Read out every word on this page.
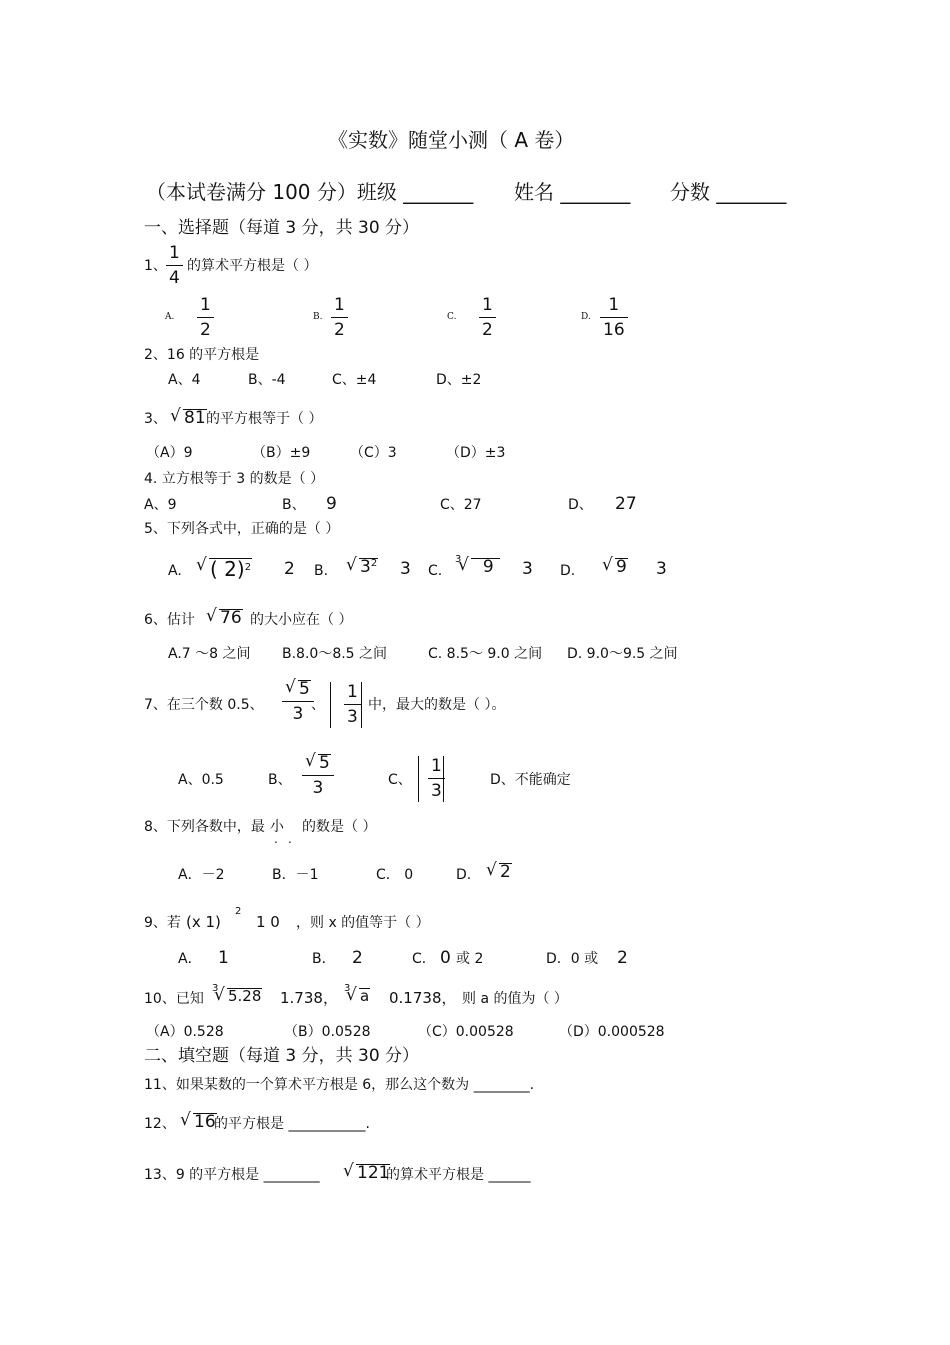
《实数》随堂小测（ A 卷）
（本试卷满分 100 分）班级 _______ 姓名 _______ 分数 _______
一、选择题（每道 3 分，共 30 分）
1、 $\frac{1}{4}$ 的算术平方根是（ ）
A. $\frac{1}{2}$	B. $\frac{1}{2}$	C. $\frac{1}{2}$	D. $\frac{1}{16}$
2、16 的平方根是
A、4	B、-4	C、±4	D、±2
3、	√ 81 的平方根等于（ ）
（A）9	（B）±9	（C）3	（D）±3
4. 立方根等于 3 的数是（ ）
A、9	B、 9	C、27	D、 27
5、下列各式中，正确的是（ ）
A.	√ ( 2)$^2$ 2 B.	√ $3^2$ 3 C.
3	√   9	3 D.	√ 9 3
6、估计	√ 76 的大小应在（ ）
A.7 ～8 之间 B.8.0～8.5 之间	C. 8.5～ 9.0 之间 D. 9.0～9.5 之间
7、在三个数 0.5、 √ $\frac{5}{3}$
、 $\frac{1}{3}$ 中，最大的数是（ ）。
A、0.5	B、 √ $\frac{5}{3}$	C、 $\frac{1}{3}$	D、不能确定
8、下列各数中，最 小
. .
的数是（ ）
A．－2	B．－1	C． 0	D.	√ 2
9、若 (x 1)
2
1 0 ，则 x 的值等于（ ）
A． 1	B． 2	C． 0 或 2	D．0 或 2
10、已知
3 √ 5.28 1.738，
3 √ a 0.1738， 则 a 的值为（ ）
（A）0.528	（B）0.0528	（C）0.00528	（D）0.000528
二、填空题（每道 3 分，共 30 分）
11、如果某数的一个算术平方根是 6，那么这个数为 ________.
12、	√ 16
的平方根是 ___________.
13、9 的平方根是 ________	√ 121
的算术平方根是 ______
